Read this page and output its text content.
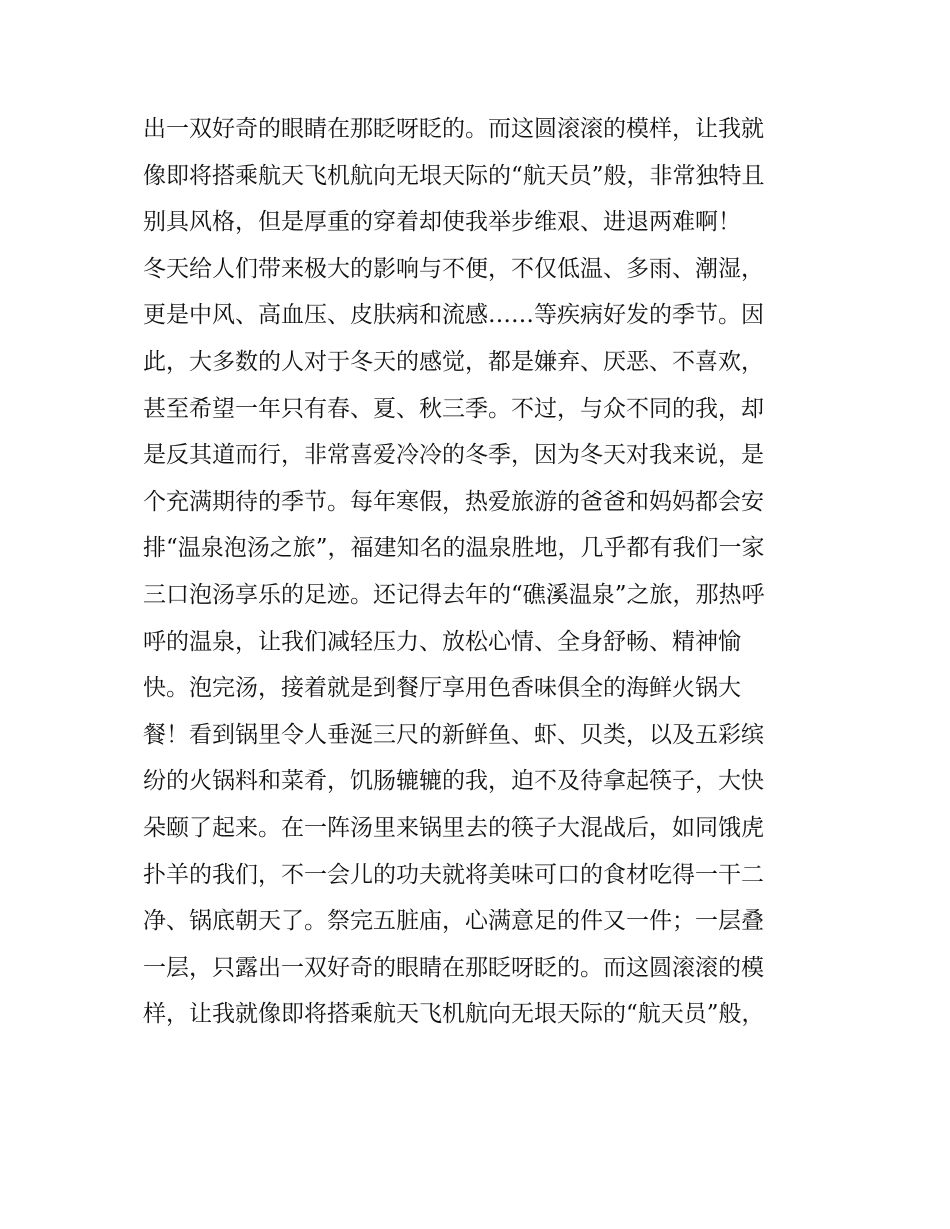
出一双好奇的眼睛在那眨呀眨的。而这圆滚滚的模样，让我就
像即将搭乘航天飞机航向无垠天际的“航天员”般，非常独特且
别具风格，但是厚重的穿着却使我举步维艰、进退两难啊！
冬天给人们带来极大的影响与不便，不仅低温、多雨、潮湿，
更是中风、高血压、皮肤病和流感……等疾病好发的季节。因
此，大多数的人对于冬天的感觉，都是嫌弃、厌恶、不喜欢，
甚至希望一年只有春、夏、秋三季。不过，与众不同的我，却
是反其道而行，非常喜爱冷冷的冬季，因为冬天对我来说，是
个充满期待的季节。每年寒假，热爱旅游的爸爸和妈妈都会安
排“温泉泡汤之旅”，福建知名的温泉胜地，几乎都有我们一家
三口泡汤享乐的足迹。还记得去年的“礁溪温泉”之旅，那热呼
呼的温泉，让我们减轻压力、放松心情、全身舒畅、精神愉
快。泡完汤，接着就是到餐厅享用色香味俱全的海鲜火锅大
餐！看到锅里令人垂涎三尺的新鲜鱼、虾、贝类，以及五彩缤
纷的火锅料和菜肴，饥肠辘辘的我，迫不及待拿起筷子，大快
朵颐了起来。在一阵汤里来锅里去的筷子大混战后，如同饿虎
扑羊的我们，不一会儿的功夫就将美味可口的食材吃得一干二
净、锅底朝天了。祭完五脏庙，心满意足的件又一件；一层叠
一层，只露出一双好奇的眼睛在那眨呀眨的。而这圆滚滚的模
样，让我就像即将搭乘航天飞机航向无垠天际的“航天员”般，
